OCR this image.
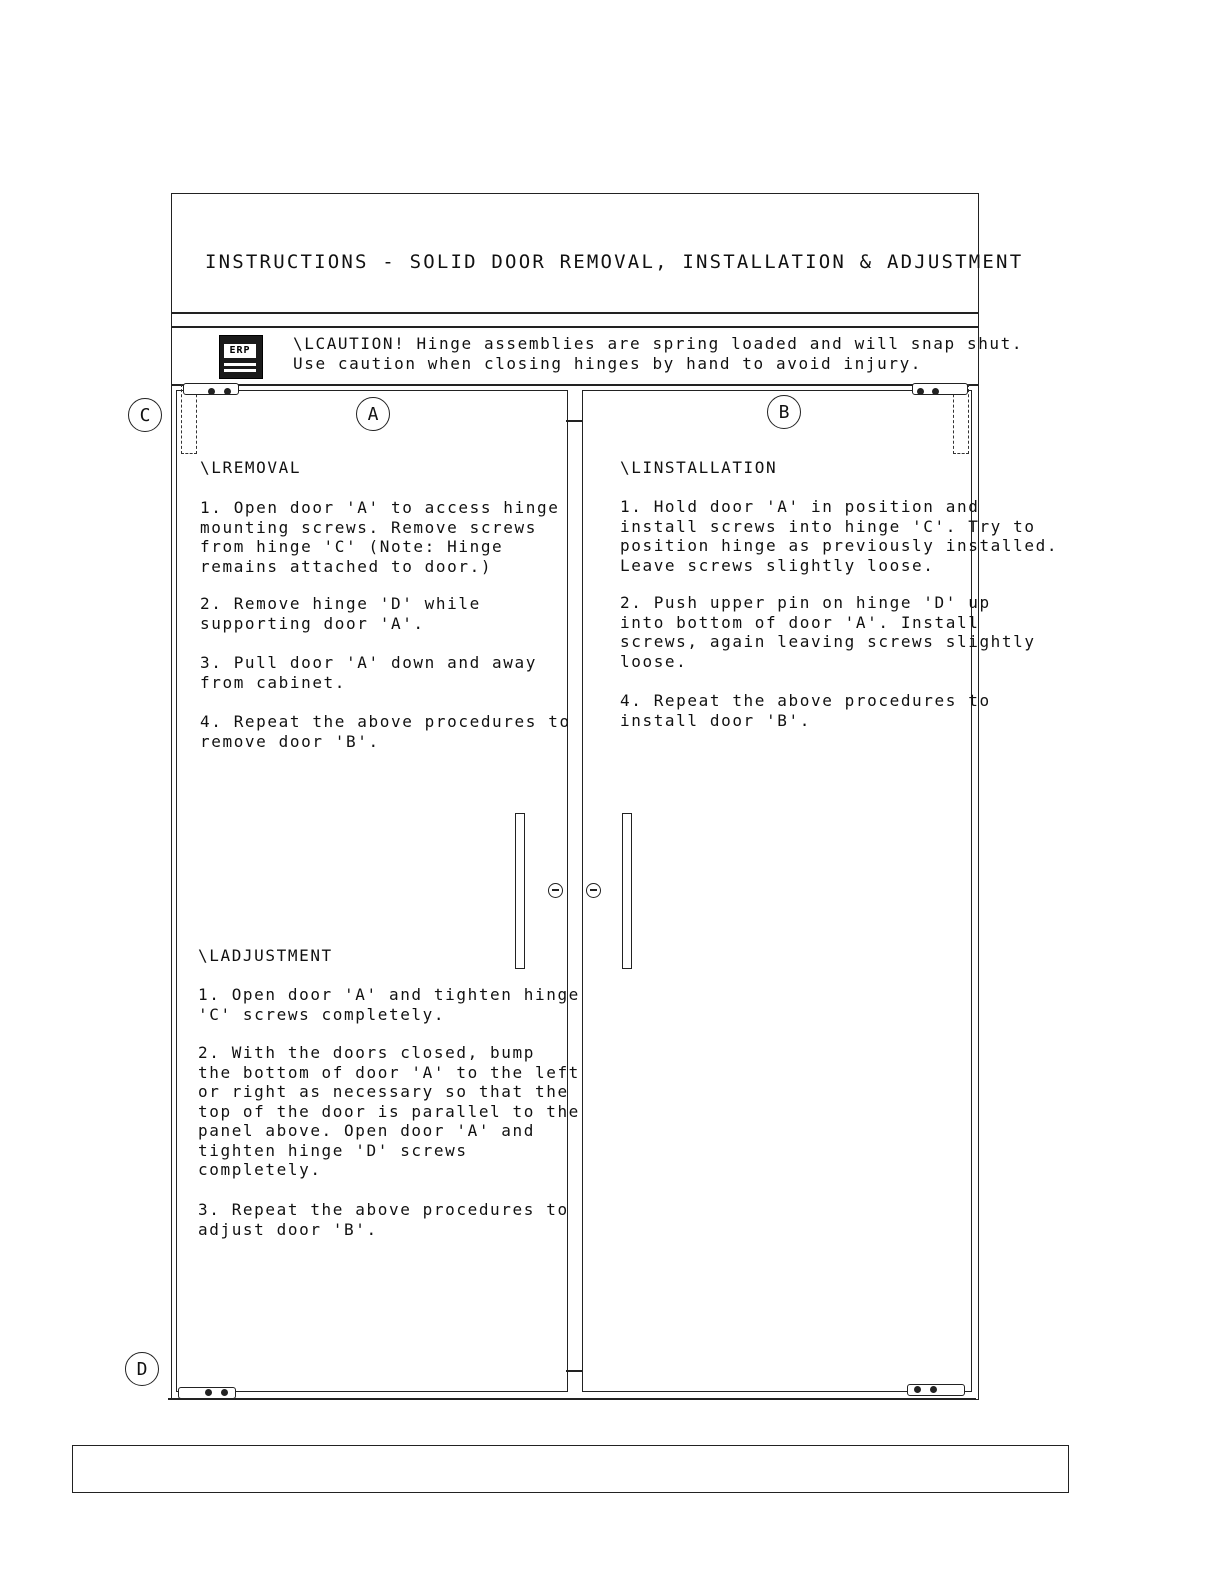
INSTRUCTIONS - SOLID DOOR REMOVAL, INSTALLATION & ADJUSTMENT
ERP	\LCAUTION! Hinge assemblies are spring loaded and will snap shut.
Use caution when closing hinges by hand to avoid injury.
A	B
C
D
\LREMOVAL
1. Open door 'A' to access hinge
mounting screws. Remove screws
from hinge 'C' (Note: Hinge
remains attached to door.)
2. Remove hinge 'D' while
supporting door 'A'.
3. Pull door 'A' down and away
from cabinet.
4. Repeat the above procedures to
remove door 'B'.
\LINSTALLATION
1. Hold door 'A' in position and
install screws into hinge 'C'. Try to
position hinge as previously installed.
Leave screws slightly loose.
2. Push upper pin on hinge 'D' up
into bottom of door 'A'. Install
screws, again leaving screws slightly
loose.
4. Repeat the above procedures to
install door 'B'.
\LADJUSTMENT
1. Open door 'A' and tighten hinge
'C' screws completely.
2. With the doors closed, bump
the bottom of door 'A' to the left
or right as necessary so that the
top of the door is parallel to the
panel above. Open door 'A' and
tighten hinge 'D' screws
completely.
3. Repeat the above procedures to
adjust door 'B'.
